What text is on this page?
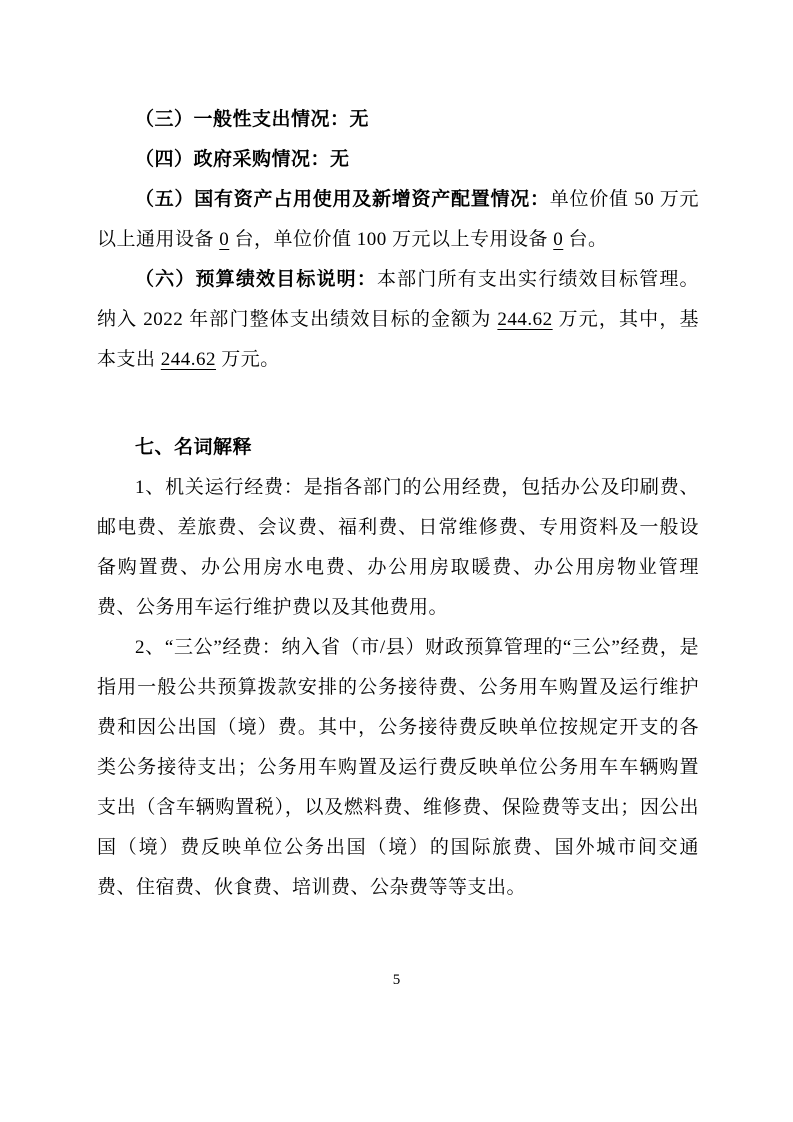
（三）一般性支出情况：无

（四）政府采购情况：无

（五）国有资产占用使用及新增资产配置情况：单位价值 50 万元以上通用设备 0 台，单位价值 100 万元以上专用设备 0 台。

（六）预算绩效目标说明：本部门所有支出实行绩效目标管理。纳入 2022 年部门整体支出绩效目标的金额为 244.62 万元，其中，基本支出 244.62 万元。

七、名词解释

1、机关运行经费：是指各部门的公用经费，包括办公及印刷费、邮电费、差旅费、会议费、福利费、日常维修费、专用资料及一般设备购置费、办公用房水电费、办公用房取暖费、办公用房物业管理费、公务用车运行维护费以及其他费用。

2、“三公”经费：纳入省（市/县）财政预算管理的“三公”经费，是指用一般公共预算拨款安排的公务接待费、公务用车购置及运行维护费和因公出国（境）费。其中，公务接待费反映单位按规定开支的各类公务接待支出；公务用车购置及运行费反映单位公务用车车辆购置支出（含车辆购置税），以及燃料费、维修费、保险费等支出；因公出国（境）费反映单位公务出国（境）的国际旅费、国外城市间交通费、住宿费、伙食费、培训费、公杂费等等支出。

5
